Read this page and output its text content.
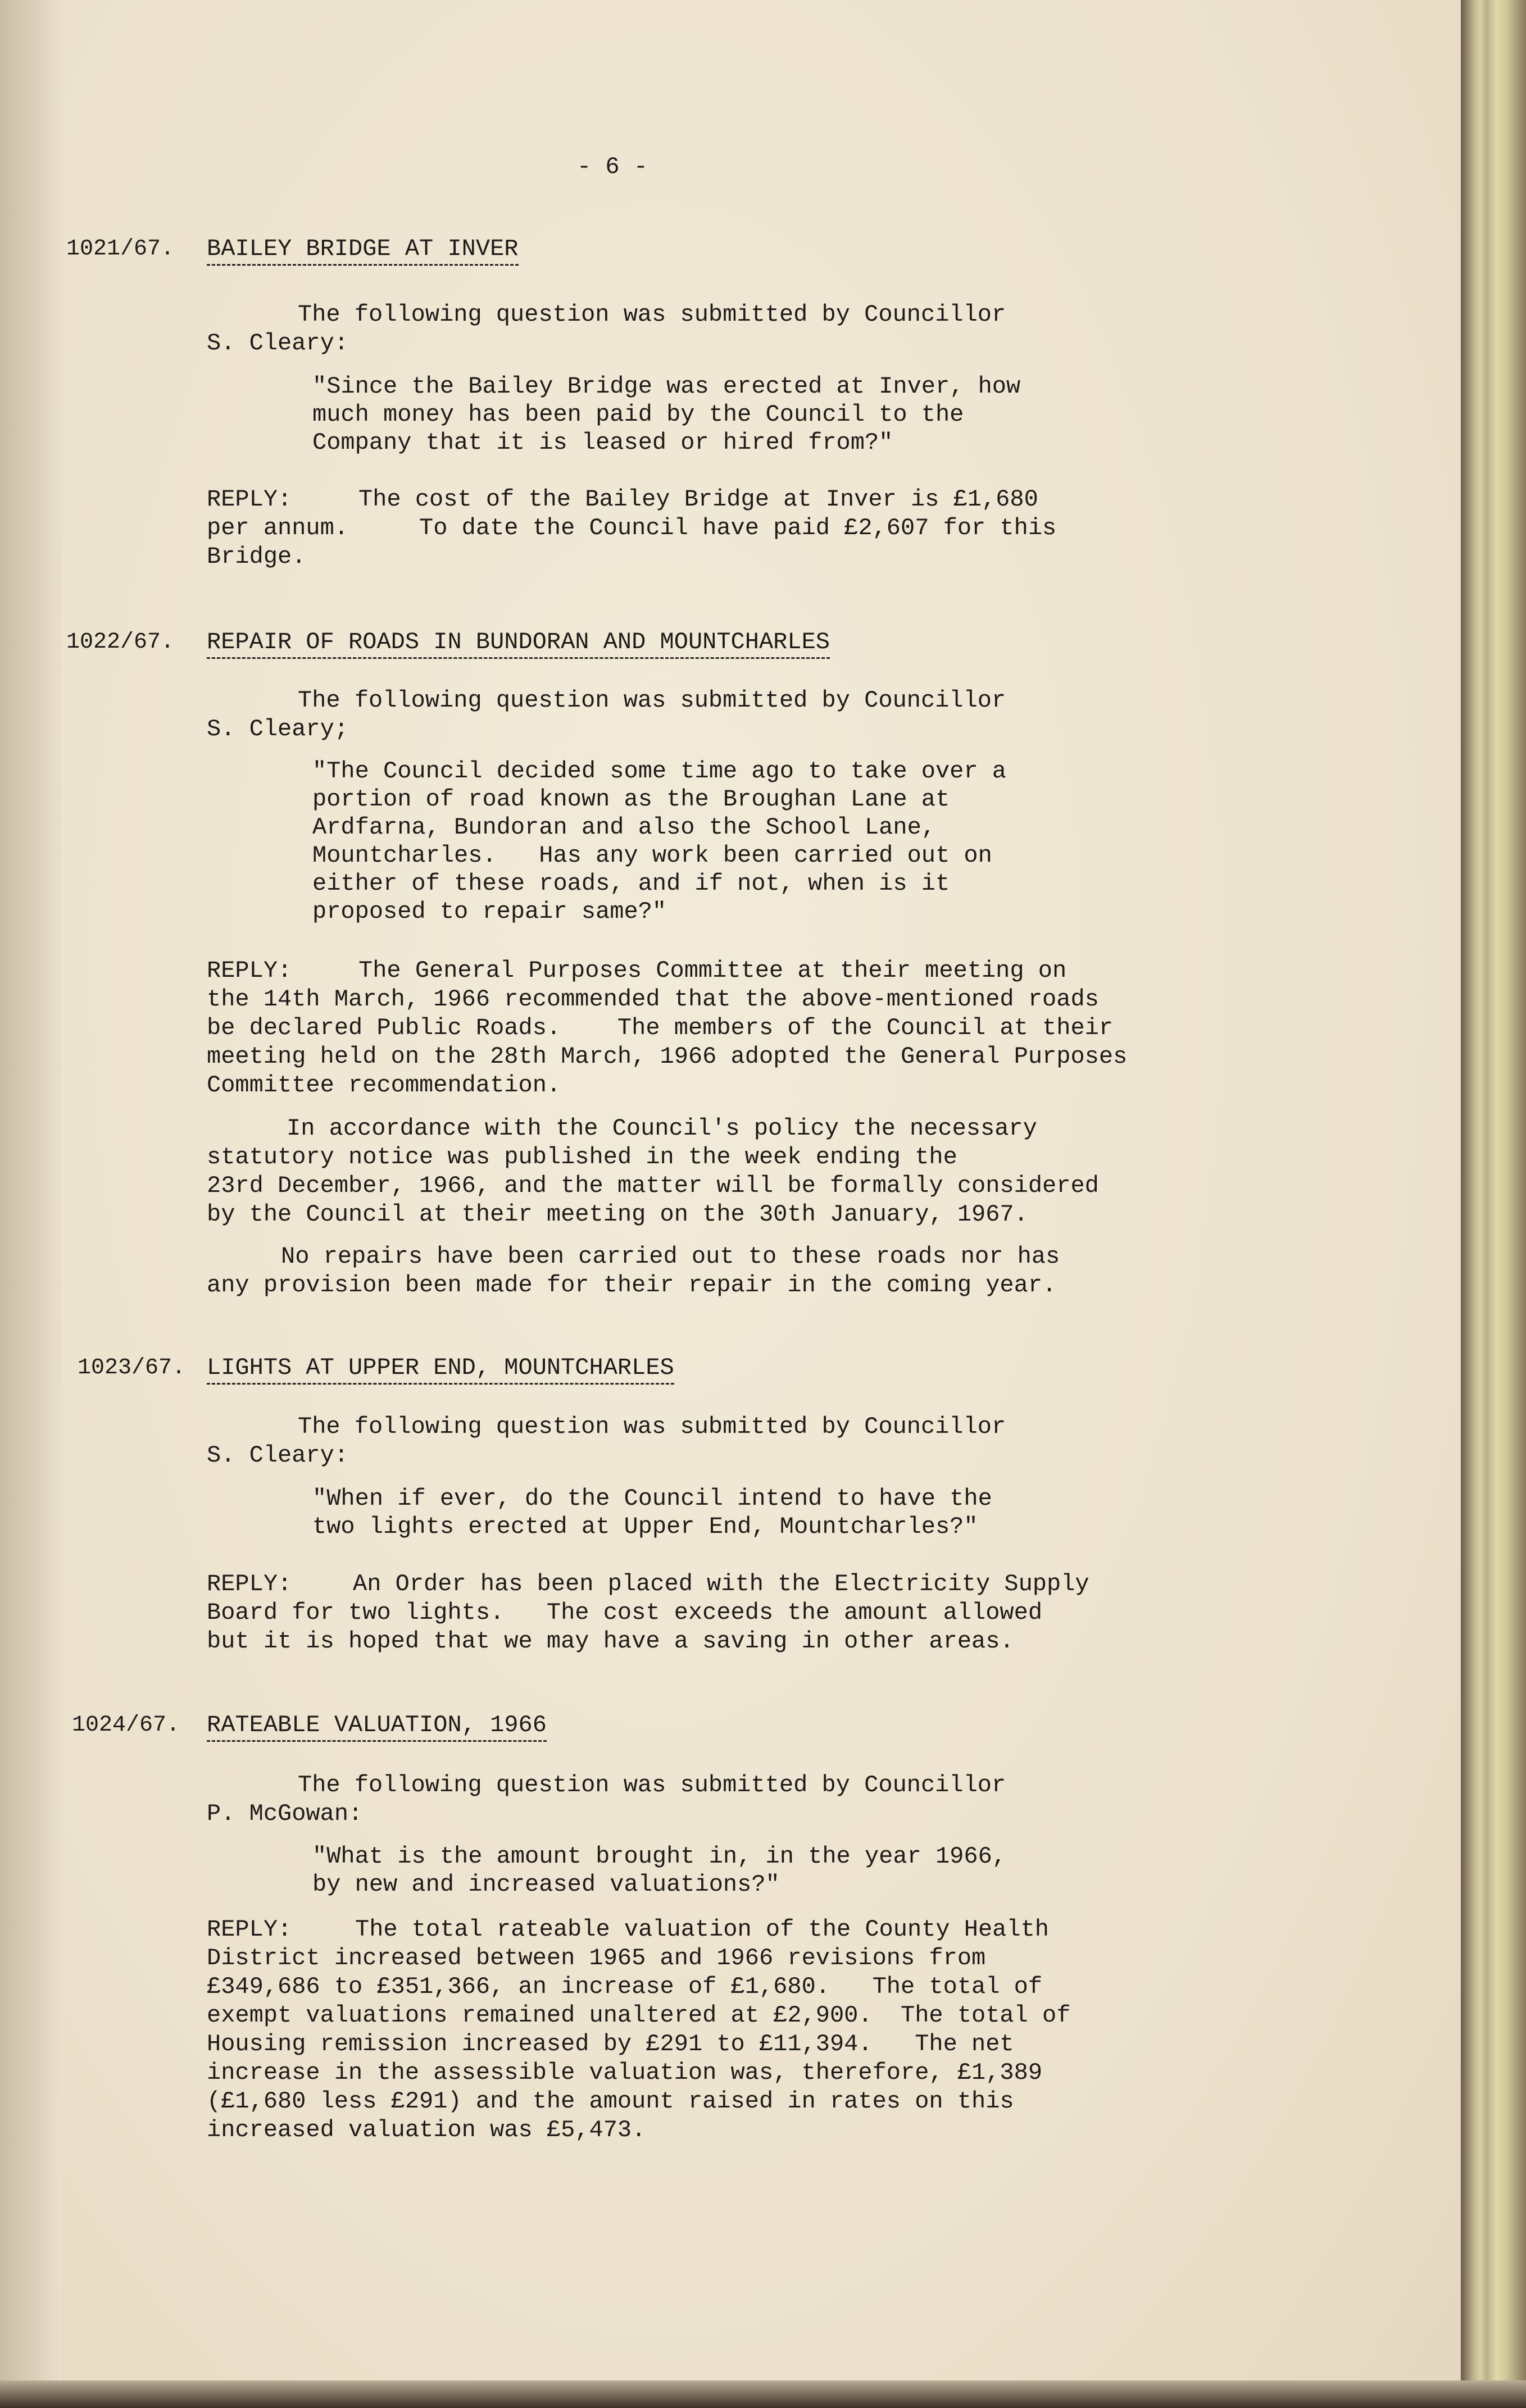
- 6 -
1021/67. BAILEY BRIDGE AT INVER
The following question was submitted by Councillor
S. Cleary:
"Since the Bailey Bridge was erected at Inver, how
much money has been paid by the Council to the
Company that it is leased or hired from?"
REPLY:	The cost of the Bailey Bridge at Inver is £1,680
per annum.     To date the Council have paid £2,607 for this
Bridge.
1022/67. REPAIR OF ROADS IN BUNDORAN AND MOUNTCHARLES
The following question was submitted by Councillor
S. Cleary;
"The Council decided some time ago to take over a
portion of road known as the Broughan Lane at
Ardfarna, Bundoran and also the School Lane,
Mountcharles.   Has any work been carried out on
either of these roads, and if not, when is it
proposed to repair same?"
REPLY:	The General Purposes Committee at their meeting on
the 14th March, 1966 recommended that the above-mentioned roads
be declared Public Roads.    The members of the Council at their
meeting held on the 28th March, 1966 adopted the General Purposes
Committee recommendation.
In accordance with the Council's policy the necessary
statutory notice was published in the week ending the
23rd December, 1966, and the matter will be formally considered
by the Council at their meeting on the 30th January, 1967.
No repairs have been carried out to these roads nor has
any provision been made for their repair in the coming year.
1023/67. LIGHTS AT UPPER END, MOUNTCHARLES
The following question was submitted by Councillor
S. Cleary:
"When if ever, do the Council intend to have the
two lights erected at Upper End, Mountcharles?"
REPLY:	An Order has been placed with the Electricity Supply
Board for two lights.   The cost exceeds the amount allowed
but it is hoped that we may have a saving in other areas.
1024/67. RATEABLE VALUATION, 1966
The following question was submitted by Councillor
P. McGowan:
"What is the amount brought in, in the year 1966,
by new and increased valuations?"
REPLY:	The total rateable valuation of the County Health
District increased between 1965 and 1966 revisions from
£349,686 to £351,366, an increase of £1,680.   The total of
exempt valuations remained unaltered at £2,900.  The total of
Housing remission increased by £291 to £11,394.   The net
increase in the assessible valuation was, therefore, £1,389
(£1,680 less £291) and the amount raised in rates on this
increased valuation was £5,473.
